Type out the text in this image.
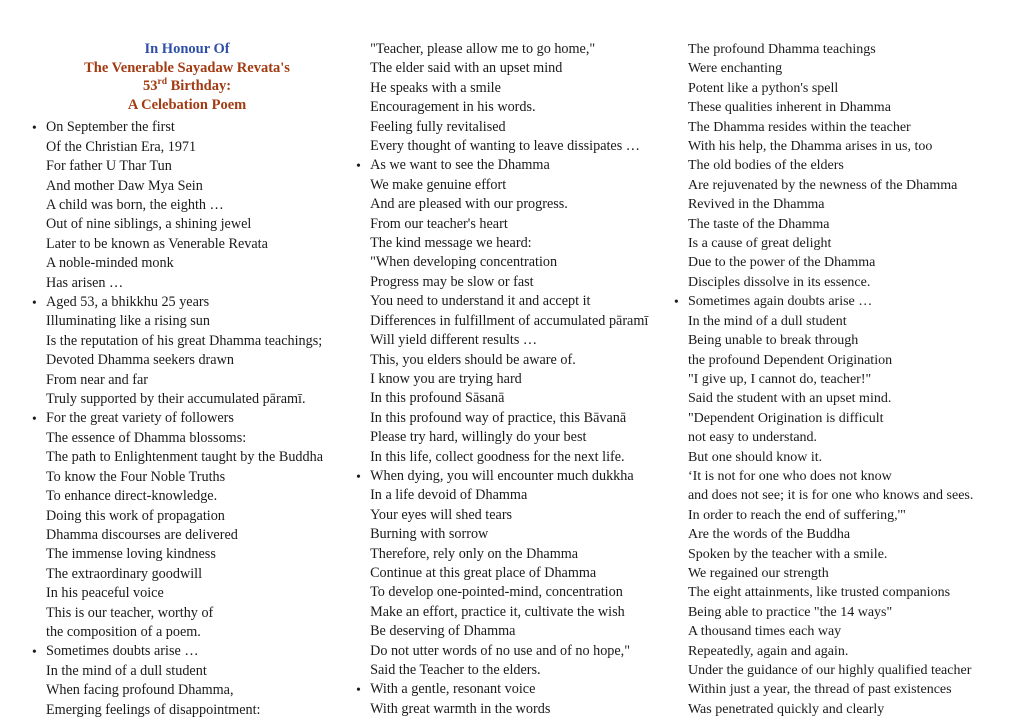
In Honour Of
The Venerable Sayadaw Revata's
53rd Birthday:
A Celebation Poem
• On September the first
Of the Christian Era, 1971
For father U Thar Tun
And mother Daw Mya Sein
A child was born, the eighth …
Out of nine siblings, a shining jewel
Later to be known as Venerable Revata
A noble-minded monk
Has arisen …
• Aged 53, a bhikkhu 25 years
Illuminating like a rising sun
Is the reputation of his great Dhamma teachings;
Devoted Dhamma seekers drawn
From near and far
Truly supported by their accumulated pāramī.
• For the great variety of followers
The essence of Dhamma blossoms:
The path to Enlightenment taught by the Buddha
To know the Four Noble Truths
To enhance direct-knowledge.
Doing this work of propagation
Dhamma discourses are delivered
The immense loving kindness
The extraordinary goodwill
In his peaceful voice
This is our teacher, worthy of
the composition of a poem.
• Sometimes doubts arise …
In the mind of a dull student
When facing profound Dhamma,
Emerging feelings of disappointment:
"Teacher, please allow me to go home,"
The elder said with an upset mind
He speaks with a smile
Encouragement in his words.
Feeling fully revitalised
Every thought of wanting to leave dissipates …
• As we want to see the Dhamma
We make genuine effort
And are pleased with our progress.
From our teacher's heart
The kind message we heard:
"When developing concentration
Progress may be slow or fast
You need to understand it and accept it
Differences in fulfillment of accumulated pāramī
Will yield different results …
This, you elders should be aware of.
I know you are trying hard
In this profound Sāsanā
In this profound way of practice, this Bāvanā
Please try hard, willingly do your best
In this life, collect goodness for the next life.
• When dying, you will encounter much dukkha
In a life devoid of Dhamma
Your eyes will shed tears
Burning with sorrow
Therefore, rely only on the Dhamma
Continue at this great place of Dhamma
To develop one-pointed-mind, concentration
Make an effort, practice it, cultivate the wish
Be deserving of Dhamma
Do not utter words of no use and of no hope,"
Said the Teacher to the elders.
• With a gentle, resonant voice
With great warmth in the words
The profound Dhamma teachings
Were enchanting
Potent like a python's spell
These qualities inherent in Dhamma
The Dhamma resides within the teacher
With his help, the Dhamma arises in us, too
The old bodies of the elders
Are rejuvenated by the newness of the Dhamma
Revived in the Dhamma
The taste of the Dhamma
Is a cause of great delight
Due to the power of the Dhamma
Disciples dissolve in its essence.
• Sometimes again doubts arise …
In the mind of a dull student
Being unable to break through
the profound Dependent Origination
"I give up, I cannot do, teacher!"
Said the student with an upset mind.
"Dependent Origination is difficult
not easy to understand.
But one should know it.
‘It is not for one who does not know
and does not see; it is for one who knows and sees.
In order to reach the end of suffering,'"
Are the words of the Buddha
Spoken by the teacher with a smile.
We regained our strength
The eight attainments, like trusted companions
Being able to practice "the 14 ways"
A thousand times each way
Repeatedly, again and again.
Under the guidance of our highly qualified teacher
Within just a year, the thread of past existences
Was penetrated quickly and clearly
